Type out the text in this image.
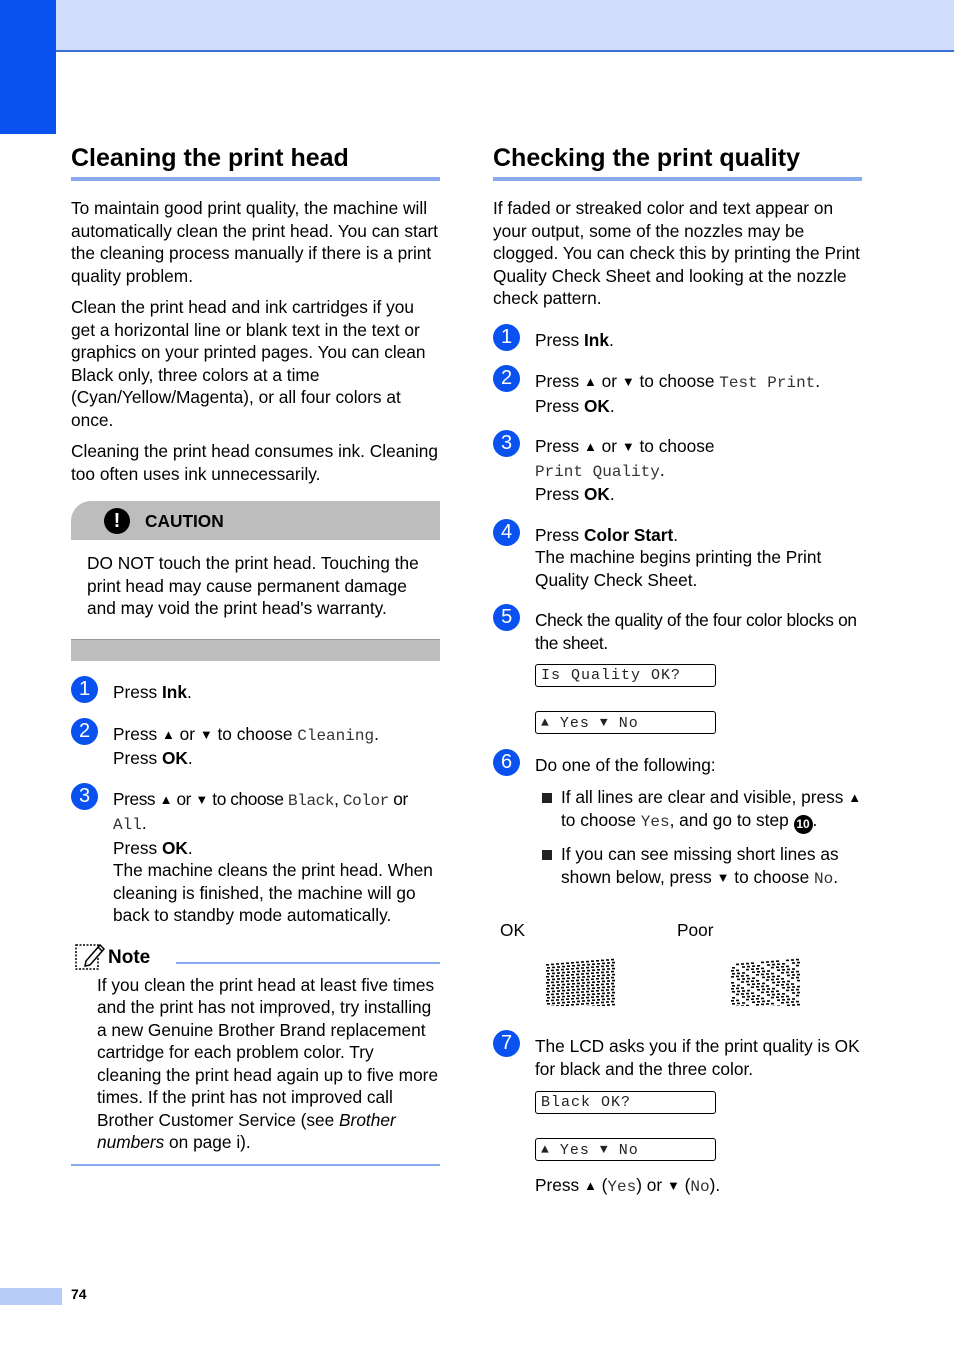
Cleaning the print head

To maintain good print quality, the machine will automatically clean the print head. You can start the cleaning process manually if there is a print quality problem.

Clean the print head and ink cartridges if you get a horizontal line or blank text in the text or graphics on your printed pages. You can clean Black only, three colors at a time (Cyan/Yellow/Magenta), or all four colors at once.

Cleaning the print head consumes ink. Cleaning too often uses ink unnecessarily.

!	CAUTION

DO NOT touch the print head. Touching the print head may cause permanent damage and may void the print head's warranty.

1	Press Ink.
2	Press ▲ or ▼ to choose Cleaning.
Press OK.
3	Press ▲ or ▼ to choose Black, Color or
All.
Press OK.
The machine cleans the print head. When cleaning is finished, the machine will go back to standby mode automatically.
Note

If you clean the print head at least five times and the print has not improved, try installing a new Genuine Brother Brand replacement cartridge for each problem color. Try cleaning the print head again up to five more times. If the print has not improved call Brother Customer Service (see Brother numbers on page i).

Checking the print quality

If faded or streaked color and text appear on your output, some of the nozzles may be clogged. You can check this by printing the Print Quality Check Sheet and looking at the nozzle check pattern.

1	Press Ink.
2	Press ▲ or ▼ to choose Test Print.
Press OK.
3	Press ▲ or ▼ to choose
Print Quality.
Press OK.
4	Press Color Start.
The machine begins printing the Print Quality Check Sheet.
5	Check the quality of the four color blocks on the sheet.
Is Quality OK?
▲ Yes ▼ No
6	Do one of the following:
If all lines are clear and visible, press ▲ to choose Yes, and go to step 10 .
If you can see missing short lines as shown below, press ▼ to choose No.
OK	Poor
7	The LCD asks you if the print quality is OK for black and the three color.
Black OK?
▲ Yes ▼ No
Press ▲ (Yes) or ▼ (No).
74
